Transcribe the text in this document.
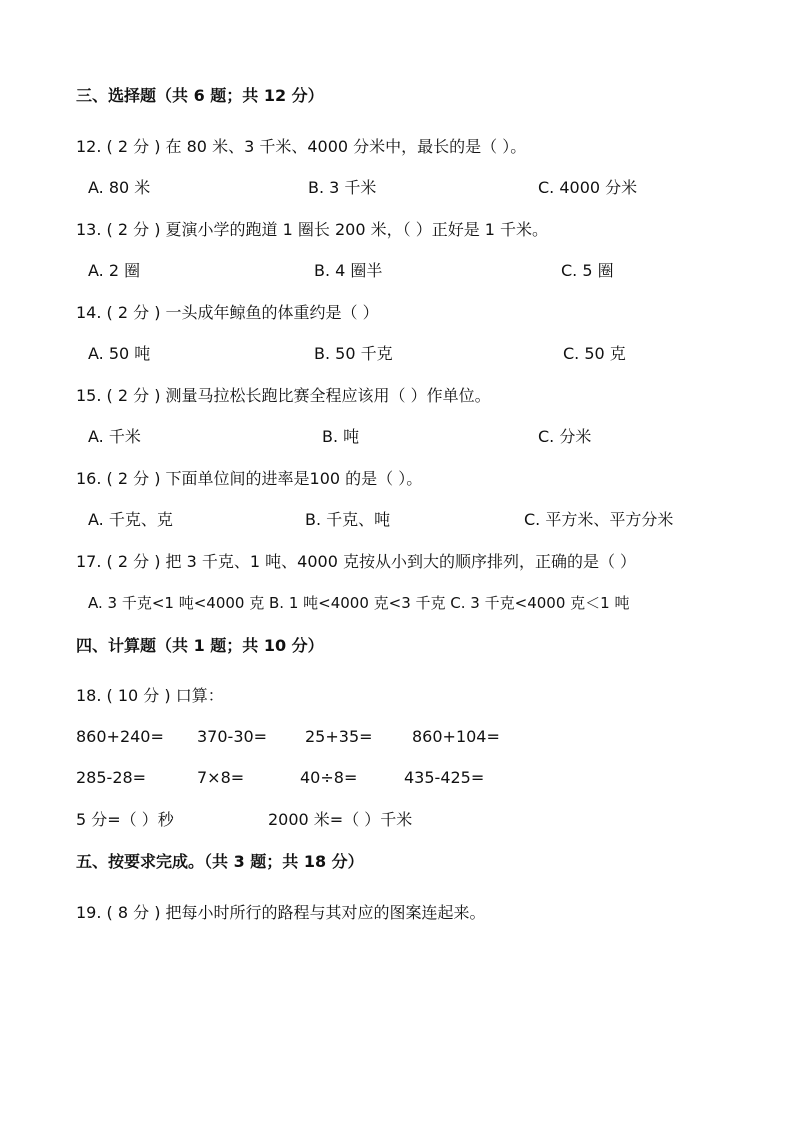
三、选择题（共 6 题；共 12 分）
12. ( 2 分 ) 在 80 米、3 千米、4000 分米中，最长的是（ ）。
A. 80 米	B. 3 千米	C. 4000 分米
13. ( 2 分 ) 夏演小学的跑道 1 圈长 200 米，（ ）正好是 1 千米。
A. 2 圈	B. 4 圈半	C. 5 圈
14. ( 2 分 ) 一头成年鲸鱼的体重约是（ ）
A. 50 吨	B. 50 千克	C. 50 克
15. ( 2 分 ) 测量马拉松长跑比赛全程应该用（ ）作单位。
A. 千米	B. 吨	C. 分米
16. ( 2 分 ) 下面单位间的进率是100 的是（ ）。
A. 千克、克	B. 千克、吨	C. 平方米、平方分米
17. ( 2 分 ) 把 3 千克、1 吨、4000 克按从小到大的顺序排列，正确的是（ ）
A. 3 千克<1 吨<4000 克 B. 1 吨<4000 克<3 千克 C. 3 千克<4000 克＜1 吨
四、计算题（共 1 题；共 10 分）
18. ( 10 分 ) 口算：
860+240= 370-30= 25+35= 860+104=
285-28=	7×8=	40÷8=	435-425=
5 分=（ ）秒	2000 米=（ ）千米
五、按要求完成。（共 3 题；共 18 分）
19. ( 8 分 ) 把每小时所行的路程与其对应的图案连起来。
